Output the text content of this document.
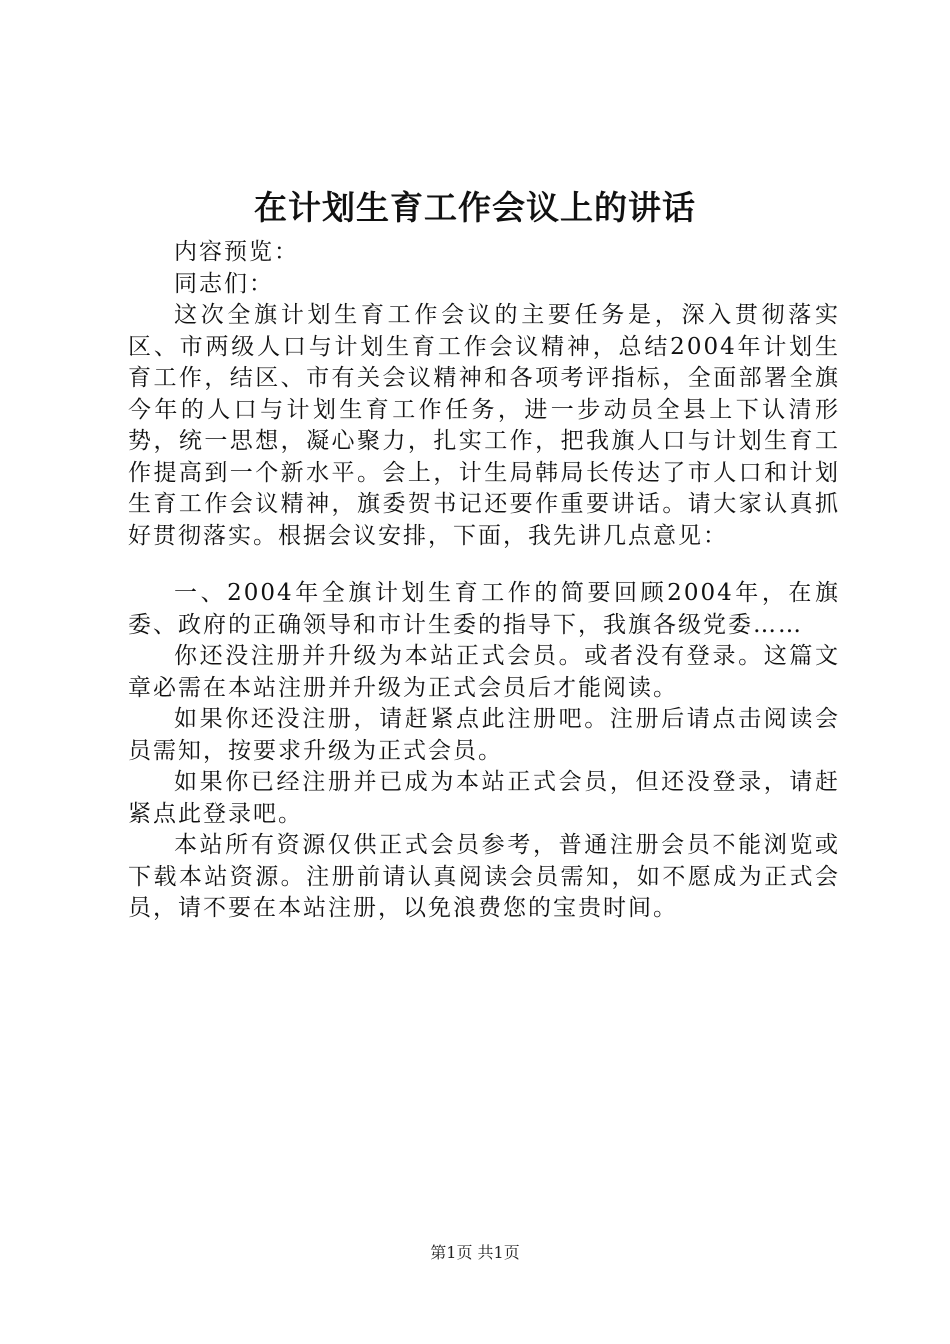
在计划生育工作会议上的讲话

内容预览：

同志们：

这次全旗计划生育工作会议的主要任务是，深入贯彻落实区、市两级人口与计划生育工作会议精神，总结2004年计划生育工作，结区、市有关会议精神和各项考评指标，全面部署全旗今年的人口与计划生育工作任务，进一步动员全县上下认清形势，统一思想，凝心聚力，扎实工作，把我旗人口与计划生育工作提高到一个新水平。会上，计生局韩局长传达了市人口和计划生育工作会议精神，旗委贺书记还要作重要讲话。请大家认真抓好贯彻落实。根据会议安排，下面，我先讲几点意见：

一、2004年全旗计划生育工作的简要回顾2004年，在旗委、政府的正确领导和市计生委的指导下，我旗各级党委……

你还没注册并升级为本站正式会员。或者没有登录。这篇文章必需在本站注册并升级为正式会员后才能阅读。

如果你还没注册，请赶紧点此注册吧。注册后请点击阅读会员需知，按要求升级为正式会员。

如果你已经注册并已成为本站正式会员，但还没登录，请赶紧点此登录吧。

本站所有资源仅供正式会员参考，普通注册会员不能浏览或下载本站资源。注册前请认真阅读会员需知，如不愿成为正式会员，请不要在本站注册，以免浪费您的宝贵时间。

第1页 共1页
